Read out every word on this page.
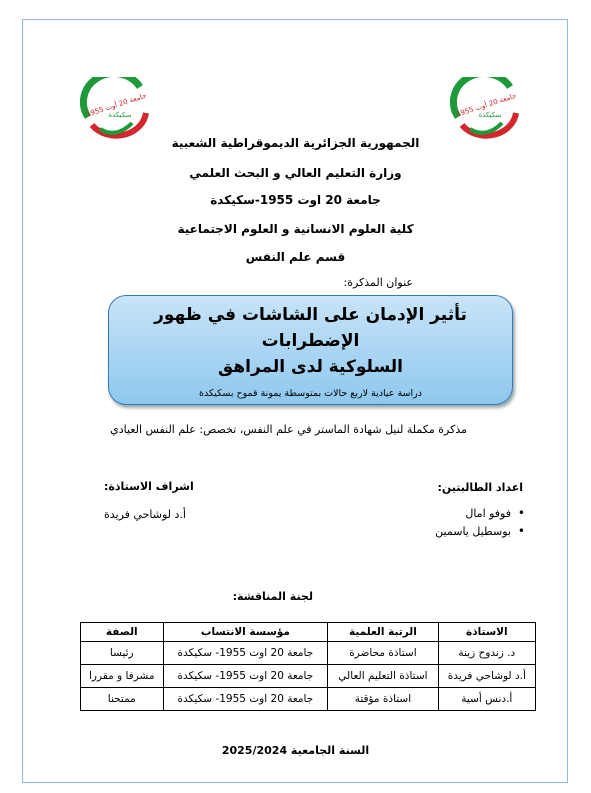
جامعة 20 أوت 1955
سكيكدة	جامعة 20 أوت 1955
سكيكدة
الجمهورية الجزائرية الديموقراطية الشعبية
وزارة التعليم العالي و البحث العلمي
جامعة 20 اوت 1955-سكيكدة
كلية العلوم الانسانية و العلوم الاجتماعية
قسم علم النفس
عنوان المذكرة:
تأثير الإدمان على الشاشات في ظهور الإضطرابات
السلوكية لدى المراهق
دراسة عيادية لاربع حالات بمتوسطة يمونة قموح بسكيكدة
مذكرة مكملة لنيل شهادة الماستر في علم النفس، تخصص: علم النفس العيادي
اعداد الطالبتين:
اشراف الاستاذة:
• فوفو امال
• بوسطيل ياسمين
أ.د لوشاحي فريدة
لجنة المناقشة:
الاستاذة	الرتبة العلمية	مؤسسة الانتساب	الصفة
د. زندوح زينة	استاذة محاضرة	جامعة 20 اوت 1955- سكيكدة	رئيسا
أ.د لوشاحي فريدة	استاذة التعليم العالي	جامعة 20 اوت 1955- سكيكدة	مشرفا و مقررا
أ.دنس أسية	استاذة مؤقتة	جامعة 20 اوت 1955- سكيكدة	ممتحنا
السنة الجامعية 2025/2024
